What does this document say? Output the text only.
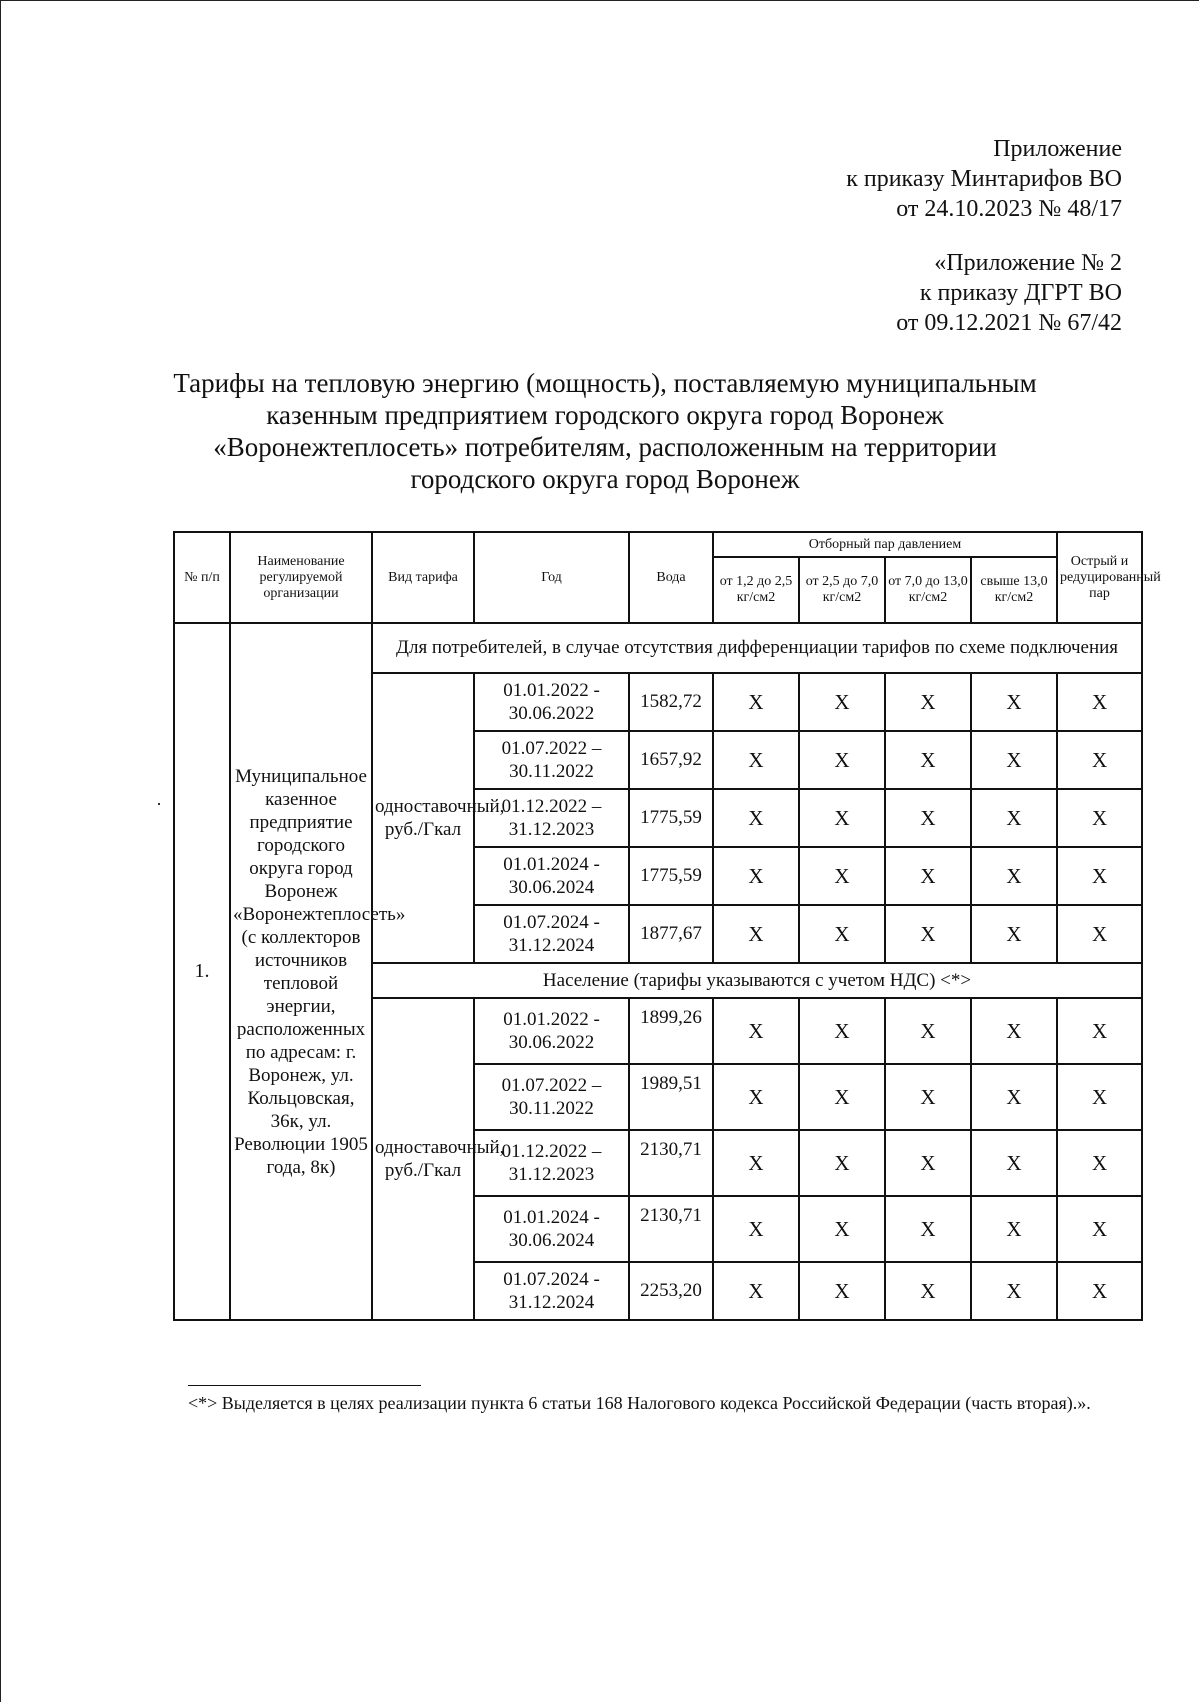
Приложение
к приказу Минтарифов ВО
от 24.10.2023 № 48/17
«Приложение № 2
к приказу ДГРТ ВО
от 09.12.2021 № 67/42
Тарифы на тепловую энергию (мощность), поставляемую муниципальным
казенным предприятием городского округа город Воронеж
«Воронежтеплосеть» потребителям, расположенным на территории
городского округа город Воронеж
№ п/п	Наименование регулируемой организации	Вид тарифа	Год	Вода	Отборный пар давлением				Острый и редуцированный пар
					от 1,2 до 2,5 кг/см2	от 2,5 до 7,0 кг/см2	от 7,0 до 13,0 кг/см2	свыше 13,0 кг/см2	
1.	Муниципальное казенное предприятие городского округа город Воронеж «Воронежтеплосеть» (с коллекторов источников тепловой энергии, расположенных по адресам: г. Воронеж, ул. Кольцовская, 36к, ул. Революции 1905 года, 8к)	Для потребителей, в случае отсутствия дифференциации тарифов по схеме подключения							
		одноставочный, руб./Гкал	01.01.2022 - 30.06.2022	1582,72	X	X	X	X	X
			01.07.2022 – 30.11.2022	1657,92	X	X	X	X	X
			01.12.2022 – 31.12.2023	1775,59	X	X	X	X	X
			01.01.2024 - 30.06.2024	1775,59	X	X	X	X	X
			01.07.2024 - 31.12.2024	1877,67	X	X	X	X	X
		Население (тарифы указываются с учетом НДС) <*>							
		одноставочный, руб./Гкал	01.01.2022 - 30.06.2022	1899,26	X	X	X	X	X
			01.07.2022 – 30.11.2022	1989,51	X	X	X	X	X
			01.12.2022 – 31.12.2023	2130,71	X	X	X	X	X
			01.01.2024 - 30.06.2024	2130,71	X	X	X	X	X
			01.07.2024 - 31.12.2024	2253,20	X	X	X	X	X
<*> Выделяется в целях реализации пункта 6 статьи 168 Налогового кодекса Российской Федерации (часть вторая).».
